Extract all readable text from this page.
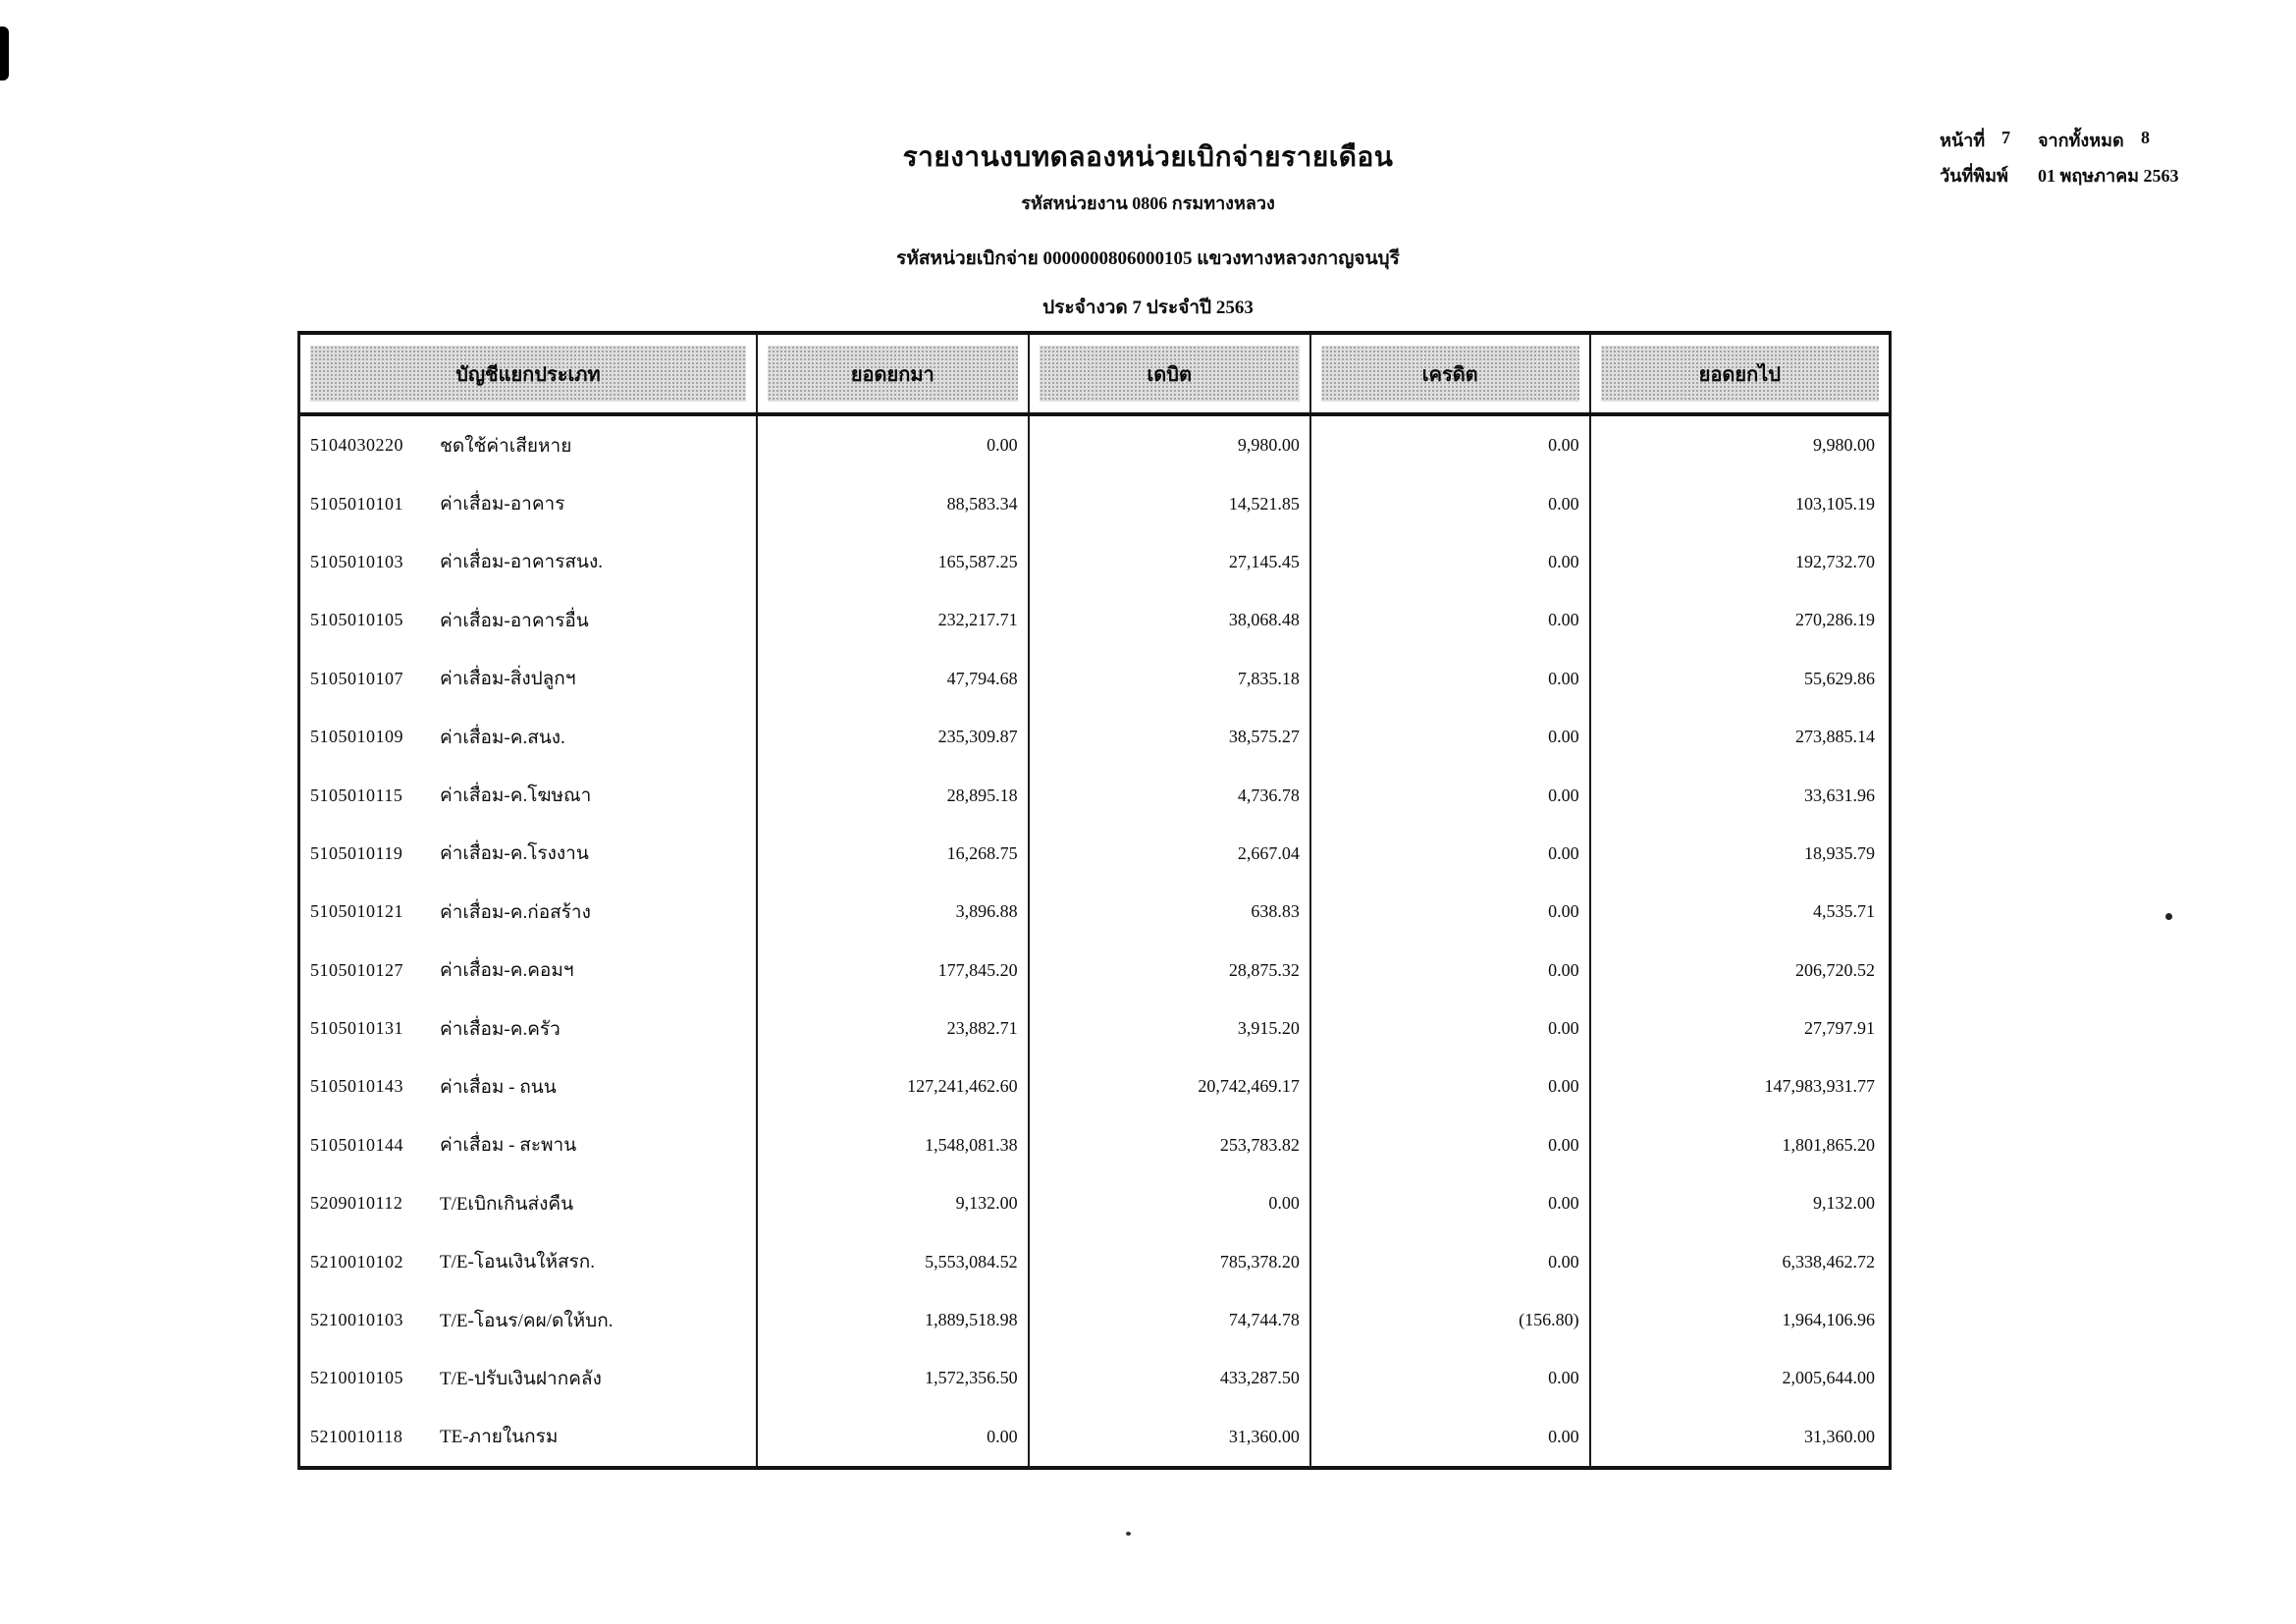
รายงานงบทดลองหน่วยเบิกจ่ายรายเดือน
รหัสหน่วยงาน 0806 กรมทางหลวง
รหัสหน่วยเบิกจ่าย 0000000806000105 แขวงทางหลวงกาญจนบุรี
ประจำงวด 7 ประจำปี 2563
หน้าที่ 7 จากทั้งหมด 8
วันที่พิมพ์ 01 พฤษภาคม 2563
บัญชีแยกประเภท	ยอดยกมา	เดบิต	เครดิต	ยอดยกไป
5104030220	ชดใช้ค่าเสียหาย	0.00	9,980.00	0.00	9,980.00
5105010101	ค่าเสื่อม-อาคาร	88,583.34	14,521.85	0.00	103,105.19
5105010103	ค่าเสื่อม-อาคารสนง.	165,587.25	27,145.45	0.00	192,732.70
5105010105	ค่าเสื่อม-อาคารอื่น	232,217.71	38,068.48	0.00	270,286.19
5105010107	ค่าเสื่อม-สิ่งปลูกฯ	47,794.68	7,835.18	0.00	55,629.86
5105010109	ค่าเสื่อม-ค.สนง.	235,309.87	38,575.27	0.00	273,885.14
5105010115	ค่าเสื่อม-ค.โฆษณา	28,895.18	4,736.78	0.00	33,631.96
5105010119	ค่าเสื่อม-ค.โรงงาน	16,268.75	2,667.04	0.00	18,935.79
5105010121	ค่าเสื่อม-ค.ก่อสร้าง	3,896.88	638.83	0.00	4,535.71
5105010127	ค่าเสื่อม-ค.คอมฯ	177,845.20	28,875.32	0.00	206,720.52
5105010131	ค่าเสื่อม-ค.ครัว	23,882.71	3,915.20	0.00	27,797.91
5105010143	ค่าเสื่อม - ถนน	127,241,462.60	20,742,469.17	0.00	147,983,931.77
5105010144	ค่าเสื่อม - สะพาน	1,548,081.38	253,783.82	0.00	1,801,865.20
5209010112	T/Eเบิกเกินส่งคืน	9,132.00	0.00	0.00	9,132.00
5210010102	T/E-โอนเงินให้สรก.	5,553,084.52	785,378.20	0.00	6,338,462.72
5210010103	T/E-โอนร/คผ/ดให้บก.	1,889,518.98	74,744.78	(156.80)	1,964,106.96
5210010105	T/E-ปรับเงินฝากคลัง	1,572,356.50	433,287.50	0.00	2,005,644.00
5210010118	TE-ภายในกรม	0.00	31,360.00	0.00	31,360.00
